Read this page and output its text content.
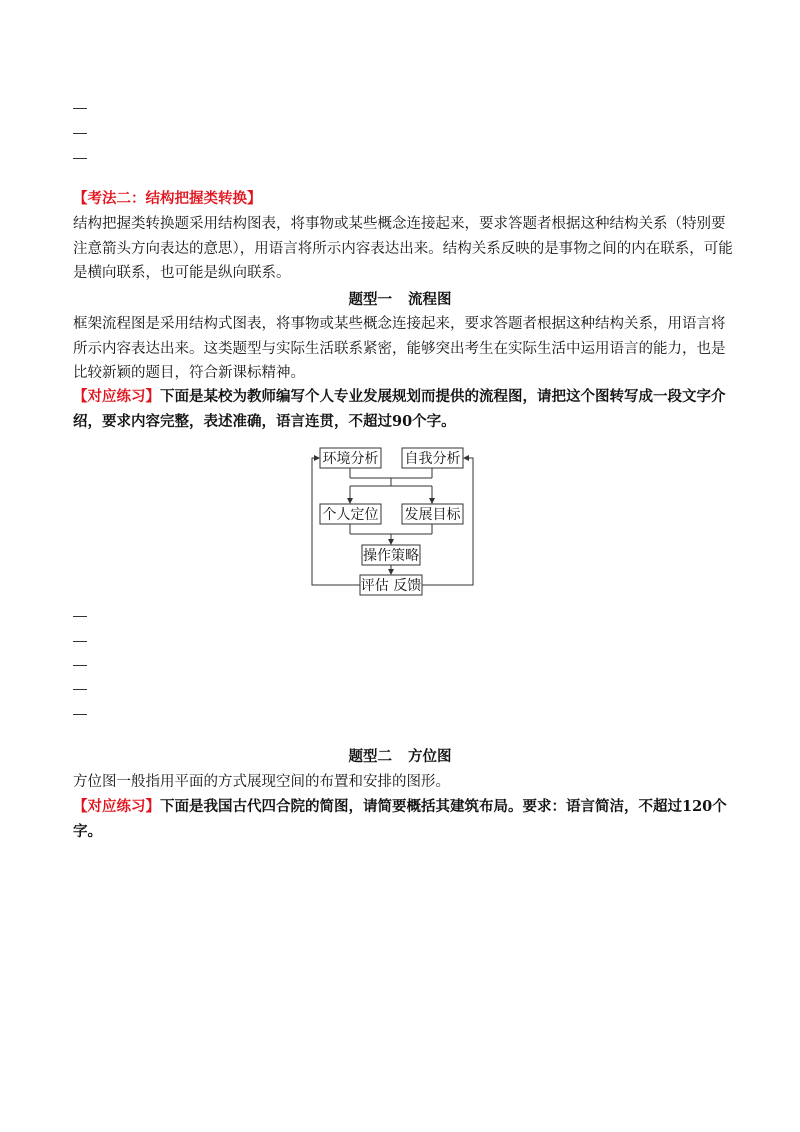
【考法二：结构把握类转换】

结构把握类转换题采用结构图表，将事物或某些概念连接起来，要求答题者根据这种结构关系（特别要注意箭头方向表达的意思），用语言将所示内容表达出来。结构关系反映的是事物之间的内在联系，可能是横向联系，也可能是纵向联系。

题型一 流程图

框架流程图是采用结构式图表，将事物或某些概念连接起来，要求答题者根据这种结构关系，用语言将所示内容表达出来。这类题型与实际生活联系紧密，能够突出考生在实际生活中运用语言的能力，也是比较新颖的题目，符合新课标精神。

【对应练习】下面是某校为教师编写个人专业发展规划而提供的流程图，请把这个图转写成一段文字介绍，要求内容完整，表述准确，语言连贯，不超过90个字。

环境分析 自我分析
个人定位 发展目标
操作策略
评估 反馈

题型二 方位图

方位图一般指用平面的方式展现空间的布置和安排的图形。

【对应练习】下面是我国古代四合院的简图，请简要概括其建筑布局。要求：语言简洁，不超过120个字。
